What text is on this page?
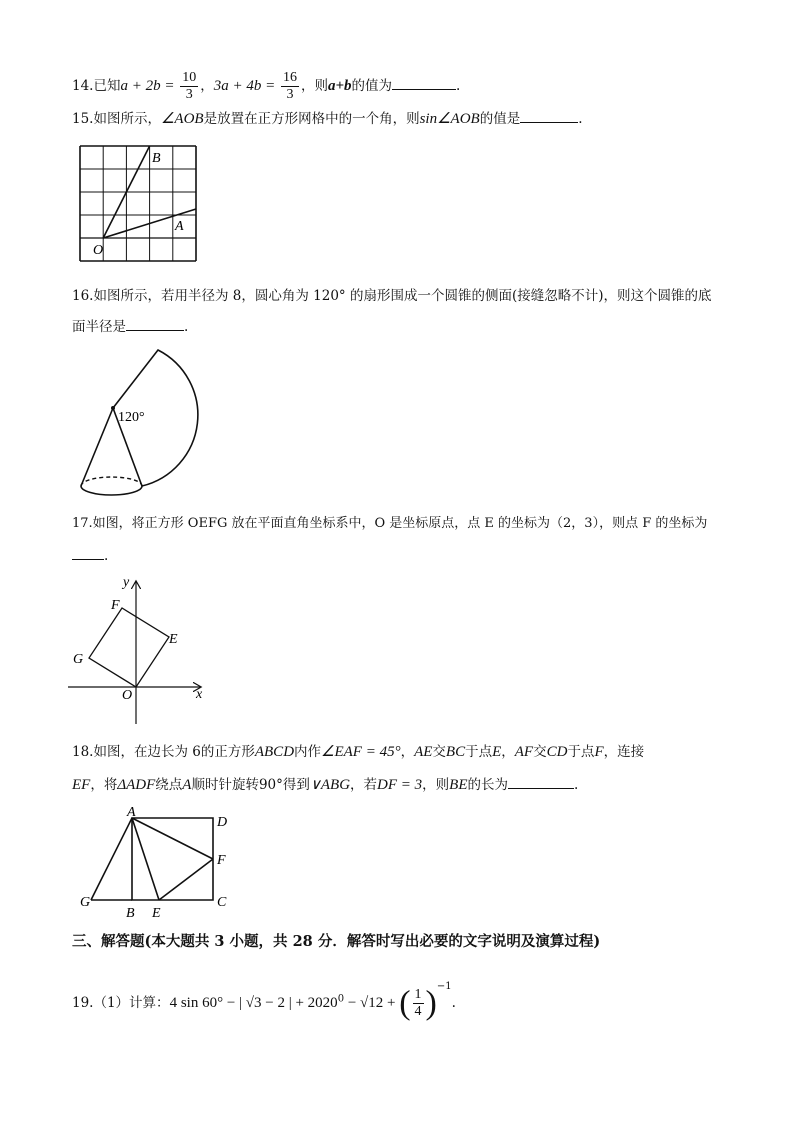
14.已知$a + 2b = \frac{10}{3}$ ，$3a + 4b = \frac{16}{3}$ ，则a+b的值为	.
15.如图所示，∠AOB是放置在正方形网格中的一个角，则sin∠AOB的值是	.
O
A
B
16.如图所示，若用半径为 8，圆心角为 120° 的扇形围成一个圆锥的侧面(接缝忽略不计)，则这个圆锥的底
面半径是	.
120°
17.如图，将正方形 OEFG 放在平面直角坐标系中，O 是坐标原点，点 E 的坐标为（2，3），则点 F 的坐标为
.
y
x
O
E
F
G
18.如图，在边长为 6的正方形ABCD内作∠EAF = 45°，AE交BC于点E，AF交CD于点F，连接
EF，将ΔADF绕点A顺时针旋转90°得到∨ABG，若DF = 3，则BE的长为	.
A
D
F
C
G
B E
三、解答题(本大题共 3 小题，共 28 分．解答时写出必要的文字说明及演算过程)
19.（1）计算：4 sin 60° − | √3 − 2 | + $2020^0 - √12$ + ( $\frac{1}{4} )^{-1}$.
